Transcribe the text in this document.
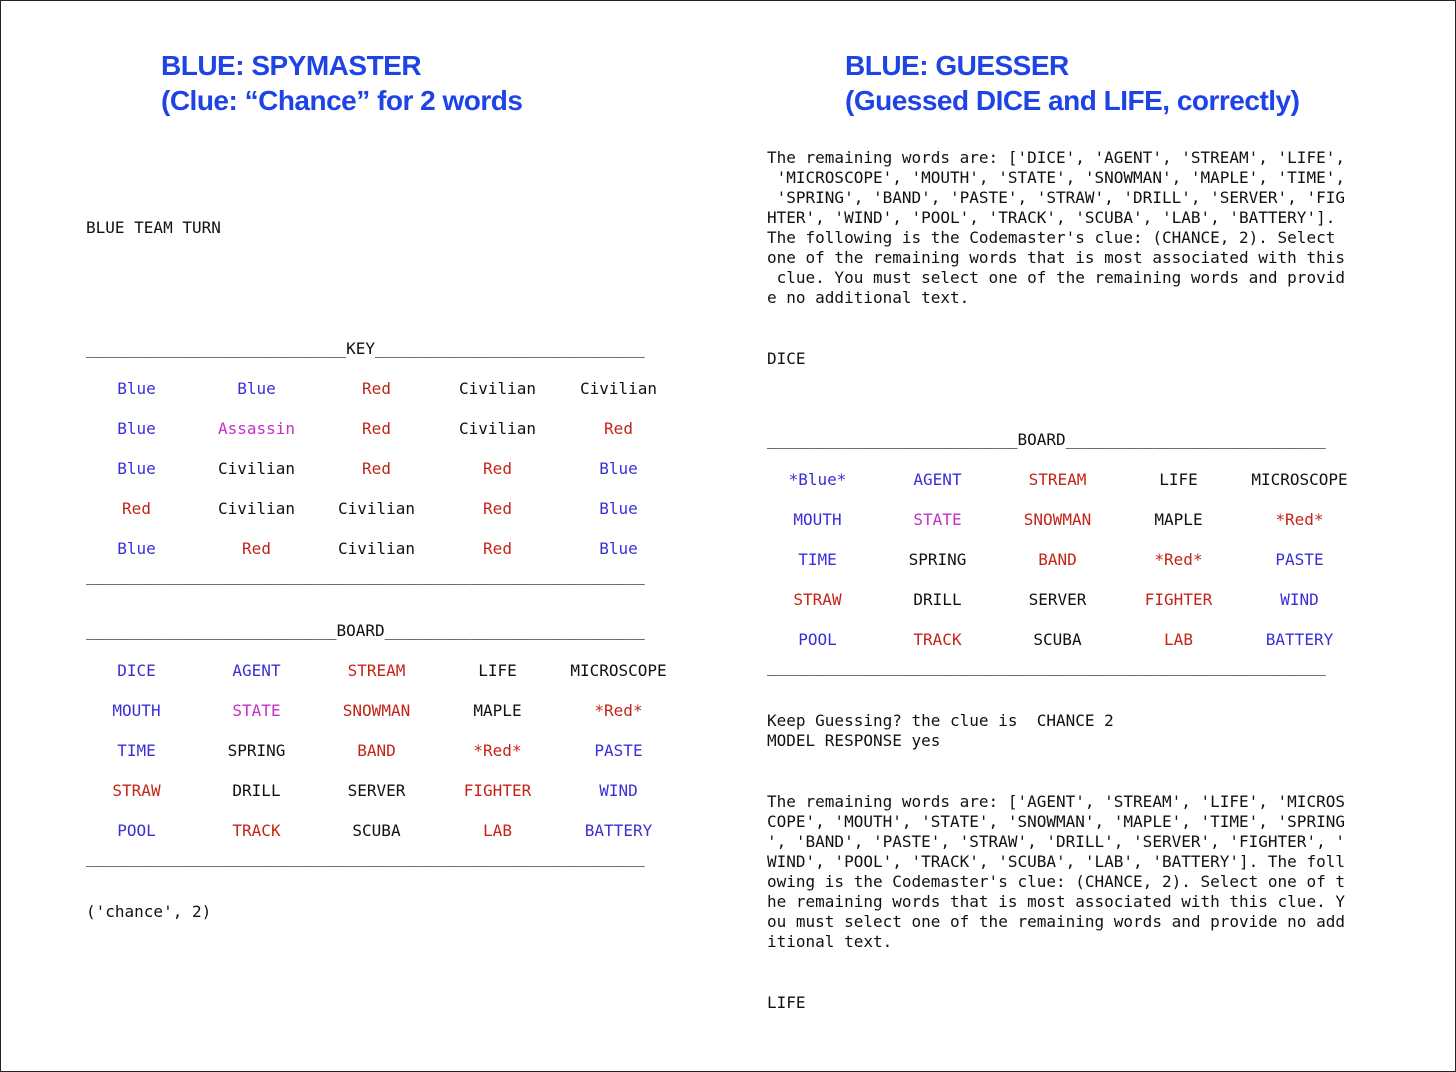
BLUE: SPYMASTER
(Clue: “Chance” for 2 words
BLUE TEAM TURN
___________________________KEY____________________________
Blue	Blue	Red	Civilian	Civilian
Blue	Assassin	Red	Civilian	Red
Blue	Civilian	Red	Red	Blue
Red	Civilian	Civilian	Red	Blue
Blue	Red	Civilian	Red	Blue
__________________________________________________________
__________________________BOARD___________________________
DICE	AGENT	STREAM	LIFE	MICROSCOPE
MOUTH	STATE	SNOWMAN	MAPLE	*Red*
TIME	SPRING	BAND	*Red*	PASTE
STRAW	DRILL	SERVER	FIGHTER	WIND
POOL	TRACK	SCUBA	LAB	BATTERY
__________________________________________________________
('chance', 2)
BLUE: GUESSER
(Guessed DICE and LIFE, correctly)
The remaining words are: ['DICE', 'AGENT', 'STREAM', 'LIFE',
'MICROSCOPE', 'MOUTH', 'STATE', 'SNOWMAN', 'MAPLE', 'TIME',
'SPRING', 'BAND', 'PASTE', 'STRAW', 'DRILL', 'SERVER', 'FIG
HTER', 'WIND', 'POOL', 'TRACK', 'SCUBA', 'LAB', 'BATTERY'].
The following is the Codemaster's clue: (CHANCE, 2). Select
one of the remaining words that is most associated with this
clue. You must select one of the remaining words and provid
e no additional text.
DICE
__________________________BOARD___________________________
*Blue*	AGENT	STREAM	LIFE	MICROSCOPE
MOUTH	STATE	SNOWMAN	MAPLE	*Red*
TIME	SPRING	BAND	*Red*	PASTE
STRAW	DRILL	SERVER	FIGHTER	WIND
POOL	TRACK	SCUBA	LAB	BATTERY
__________________________________________________________
Keep Guessing? the clue is  CHANCE 2
MODEL RESPONSE yes
The remaining words are: ['AGENT', 'STREAM', 'LIFE', 'MICROS
COPE', 'MOUTH', 'STATE', 'SNOWMAN', 'MAPLE', 'TIME', 'SPRING
', 'BAND', 'PASTE', 'STRAW', 'DRILL', 'SERVER', 'FIGHTER', '
WIND', 'POOL', 'TRACK', 'SCUBA', 'LAB', 'BATTERY']. The foll
owing is the Codemaster's clue: (CHANCE, 2). Select one of t
he remaining words that is most associated with this clue. Y
ou must select one of the remaining words and provide no add
itional text.
LIFE
